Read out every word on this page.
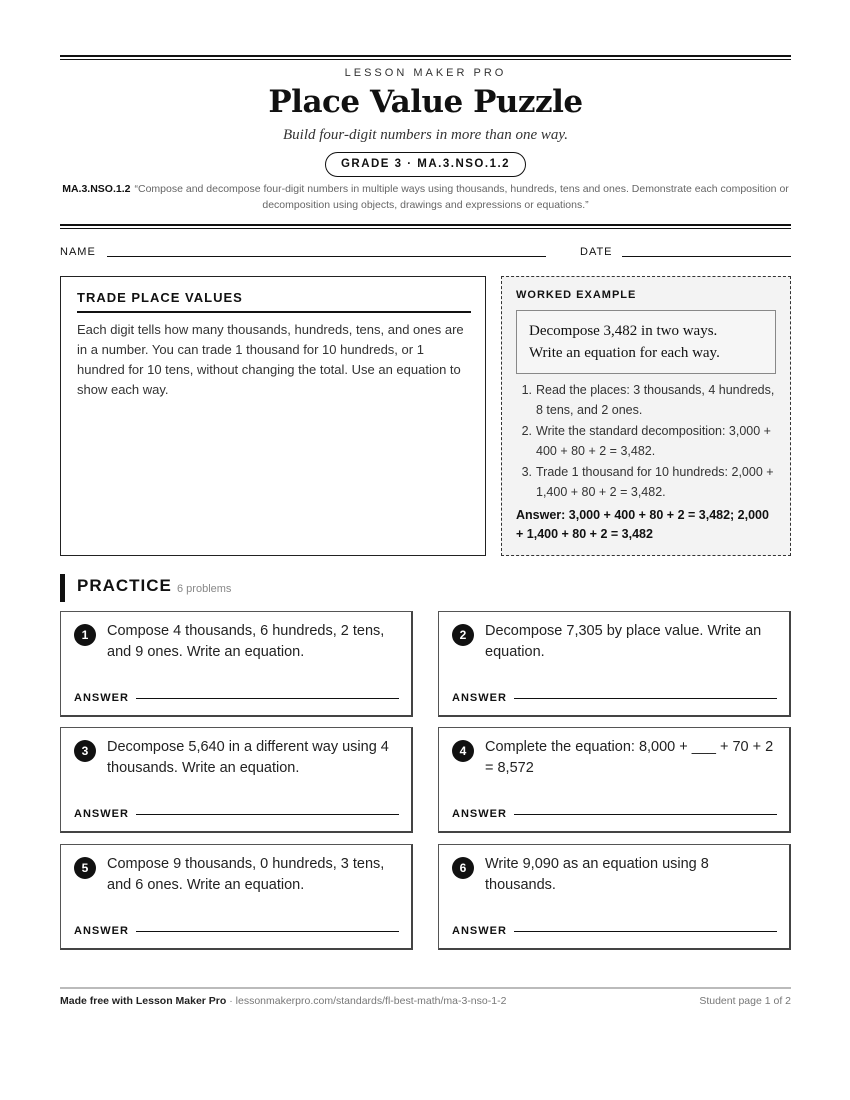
LESSON MAKER PRO
Place Value Puzzle
Build four-digit numbers in more than one way.
GRADE 3 · MA.3.NSO.1.2
MA.3.NSO.1.2 “Compose and decompose four-digit numbers in multiple ways using thousands, hundreds, tens and ones. Demonstrate each composition or decomposition using objects, drawings and expressions or equations.”
NAME	DATE
TRADE PLACE VALUES
Each digit tells how many thousands, hundreds, tens, and ones are in a number. You can trade 1 thousand for 10 hundreds, or 1 hundred for 10 tens, without changing the total. Use an equation to show each way.
WORKED EXAMPLE
Decompose 3,482 in two ways.
Write an equation for each way.
1. Read the places: 3 thousands, 4 hundreds, 8 tens, and 2 ones.
2. Write the standard decomposition: 3,000 + 400 + 80 + 2 = 3,482.
3. Trade 1 thousand for 10 hundreds: 2,000 + 1,400 + 80 + 2 = 3,482.
Answer: 3,000 + 400 + 80 + 2 = 3,482; 2,000 + 1,400 + 80 + 2 = 3,482
PRACTICE 6 problems
1	Compose 4 thousands, 6 hundreds, 2 tens, and 9 ones. Write an equation.
ANSWER
2	Decompose 7,305 by place value. Write an equation.
ANSWER
3	Decompose 5,640 in a different way using 4 thousands. Write an equation.
ANSWER
4	Complete the equation: 8,000 + ___ + 70 + 2 = 8,572
ANSWER
5	Compose 9 thousands, 0 hundreds, 3 tens, and 6 ones. Write an equation.
ANSWER
6	Write 9,090 as an equation using 8 thousands.
ANSWER
Made free with Lesson Maker Pro · lessonmakerpro.com/standards/fl-best-math/ma-3-nso-1-2	Student page 1 of 2
